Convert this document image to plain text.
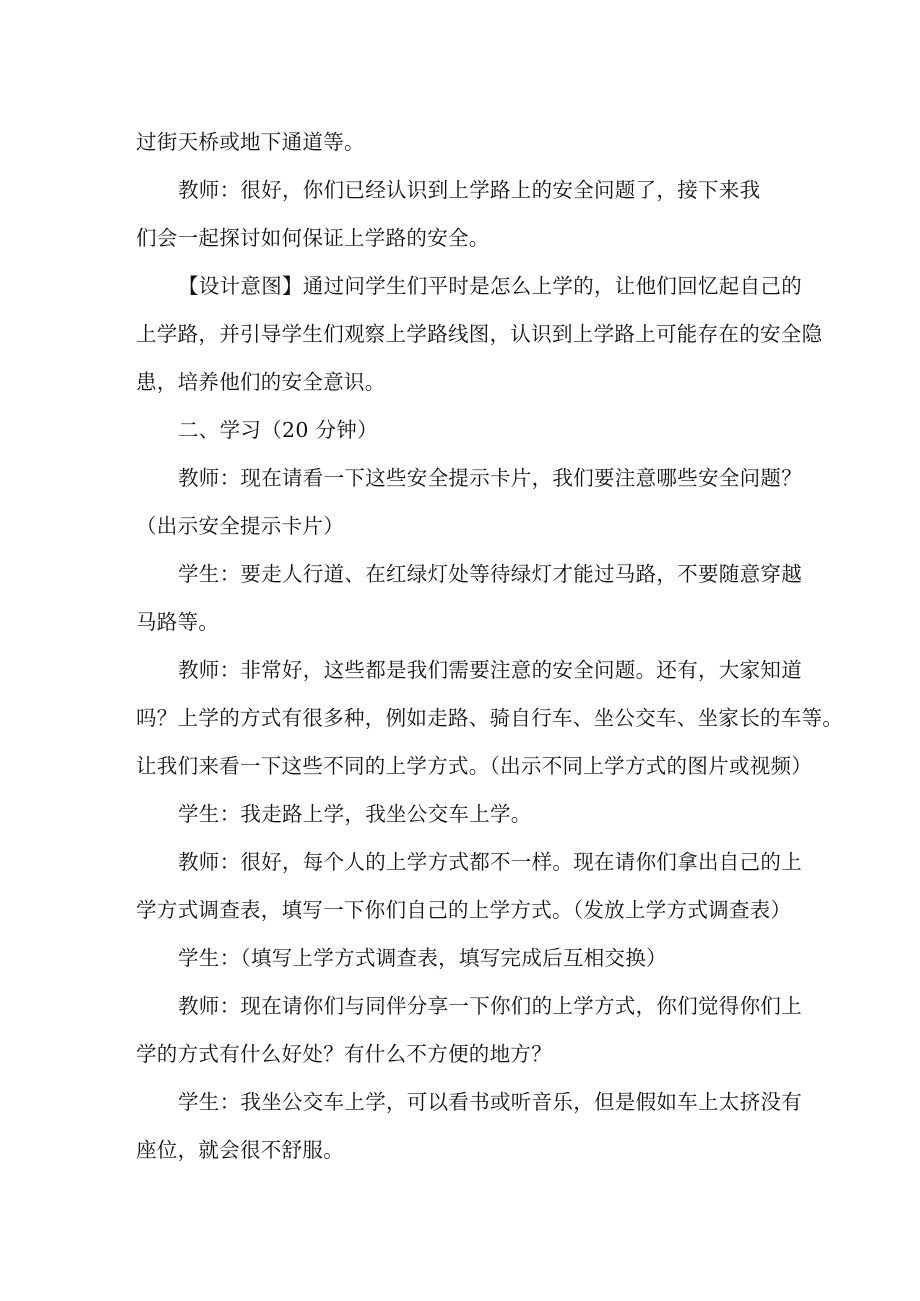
过街天桥或地下通道等。
教师：很好，你们已经认识到上学路上的安全问题了，接下来我
们会一起探讨如何保证上学路的安全。
【设计意图】通过问学生们平时是怎么上学的，让他们回忆起自己的
上学路，并引导学生们观察上学路线图，认识到上学路上可能存在的安全隐
患，培养他们的安全意识。
二、学习（20 分钟）
教师：现在请看一下这些安全提示卡片，我们要注意哪些安全问题？
（出示安全提示卡片）
学生：要走人行道、在红绿灯处等待绿灯才能过马路，不要随意穿越
马路等。
教师：非常好，这些都是我们需要注意的安全问题。还有，大家知道
吗？上学的方式有很多种，例如走路、骑自行车、坐公交车、坐家长的车等。
让我们来看一下这些不同的上学方式。（出示不同上学方式的图片或视频）
学生：我走路上学，我坐公交车上学。
教师：很好，每个人的上学方式都不一样。现在请你们拿出自己的上
学方式调查表，填写一下你们自己的上学方式。（发放上学方式调查表）
学生：（填写上学方式调查表，填写完成后互相交换）
教师：现在请你们与同伴分享一下你们的上学方式，你们觉得你们上
学的方式有什么好处？有什么不方便的地方？
学生：我坐公交车上学，可以看书或听音乐，但是假如车上太挤没有
座位，就会很不舒服。
